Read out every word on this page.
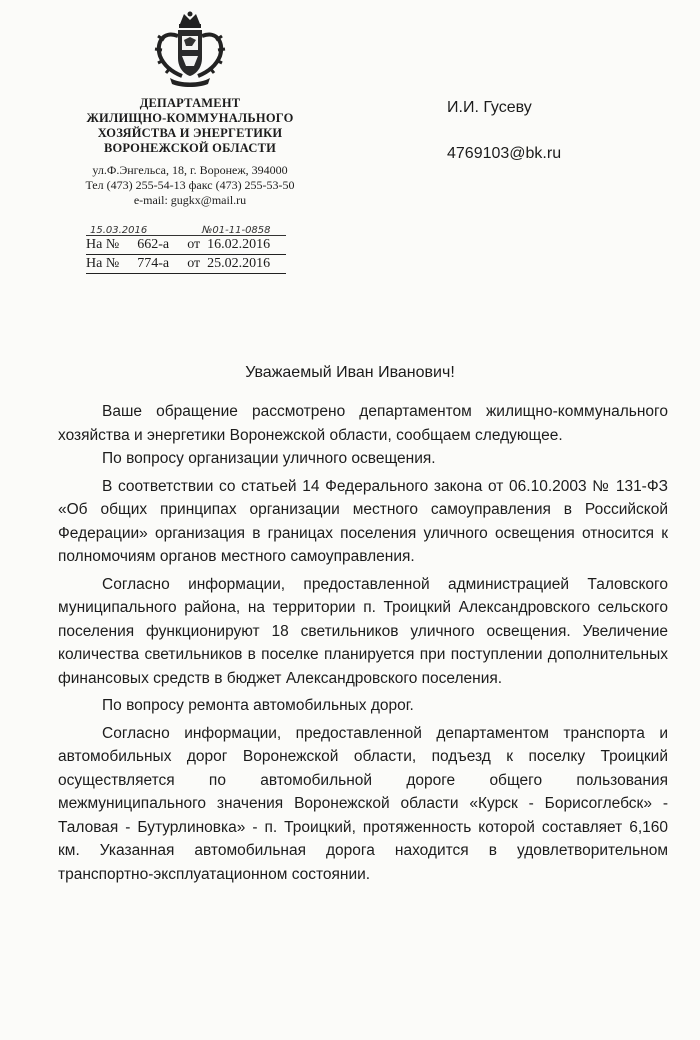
ДЕПАРТАМЕНТ
ЖИЛИЩНО-КОММУНАЛЬНОГО
ХОЗЯЙСТВА И ЭНЕРГЕТИКИ
ВОРОНЕЖСКОЙ ОБЛАСТИ
ул.Ф.Энгельса, 18, г. Воронеж, 394000
Тел (473) 255-54-13 факс (473) 255-53-50
e-mail: gugkx@mail.ru
15.03.2016	№01-11-0858
На № 662-а от 16.02.2016
На № 774-а от 25.02.2016
И.И. Гусеву
4769103@bk.ru
Уважаемый Иван Иванович!

Ваше обращение рассмотрено департаментом жилищно-коммунального хозяйства и энергетики Воронежской области, сообщаем следующее.

По вопросу организации уличного освещения.

В соответствии со статьей 14 Федерального закона от 06.10.2003 № 131-ФЗ «Об общих принципах организации местного самоуправления в Российской Федерации» организация в границах поселения уличного освещения относится к полномочиям органов местного самоуправления.

Согласно информации, предоставленной администрацией Таловского муниципального района, на территории п. Троицкий Александровского сельского поселения функционируют 18 светильников уличного освещения. Увеличение количества светильников в поселке планируется при поступлении дополнительных финансовых средств в бюджет Александровского поселения.

По вопросу ремонта автомобильных дорог.

Согласно информации, предоставленной департаментом транспорта и автомобильных дорог Воронежской области, подъезд к поселку Троицкий осуществляется по автомобильной дороге общего пользования межмуниципального значения Воронежской области «Курск - Борисоглебск» - Таловая - Бутурлиновка» - п. Троицкий, протяженность которой составляет 6,160 км. Указанная автомобильная дорога находится в удовлетворительном транспортно-эксплуатационном состоянии.
